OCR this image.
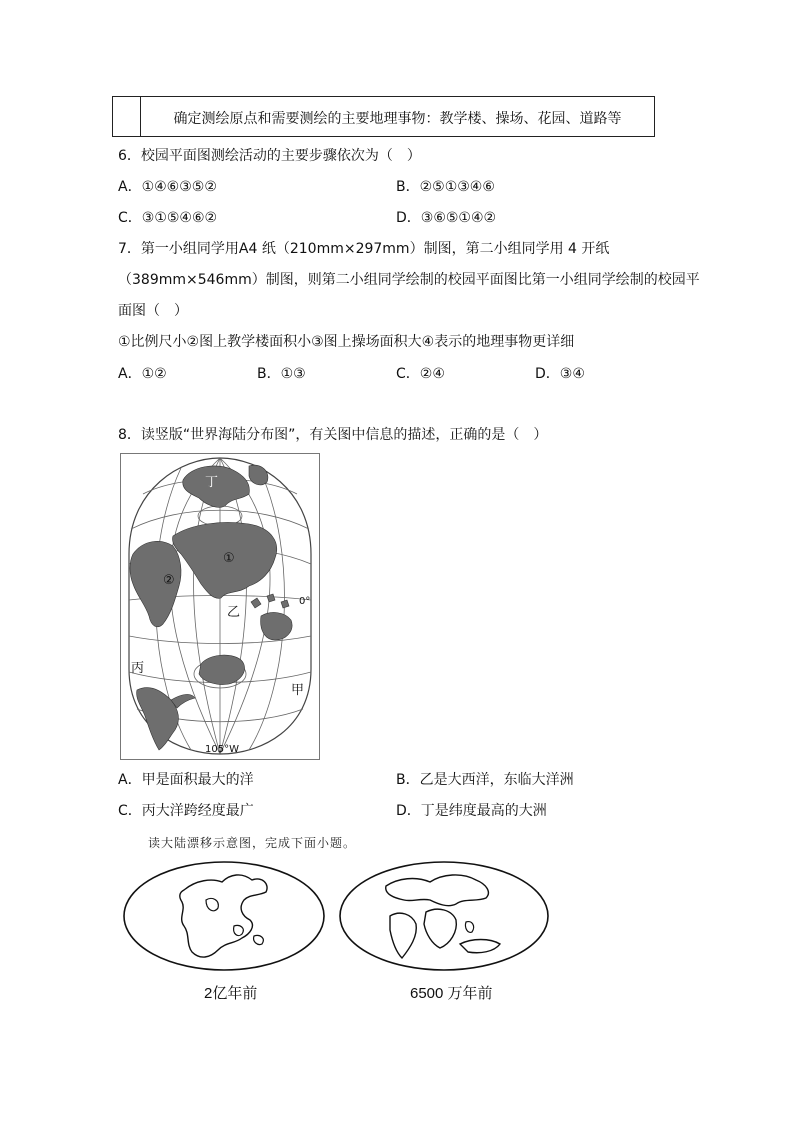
确定测绘原点和需要测绘的主要地理事物：教学楼、操场、花园、道路等
6．校园平面图测绘活动的主要步骤依次为（　）
A．①④⑥③⑤②	B．②⑤①③④⑥
C．③①⑤④⑥②	D．③⑥⑤①④②
7．第一小组同学用A4 纸（210mm×297mm）制图，第二小组同学用 4 开纸
（389mm×546mm）制图，则第二小组同学绘制的校园平面图比第一小组同学绘制的校园平
面图（　）
①比例尺小②图上教学楼面积小③图上操场面积大④表示的地理事物更详细
A．①②	B．①③	C．②④	D．③④
8．读竖版“世界海陆分布图”，有关图中信息的描述，正确的是（　）
丁
①
②
乙
0°
丙
甲
105°W
A．甲是面积最大的洋	B．乙是大西洋，东临大洋洲
C．丙大洋跨经度最广	D．丁是纬度最高的大洲
读大陆漂移示意图，完成下面小题。
2亿年前	6500 万年前
